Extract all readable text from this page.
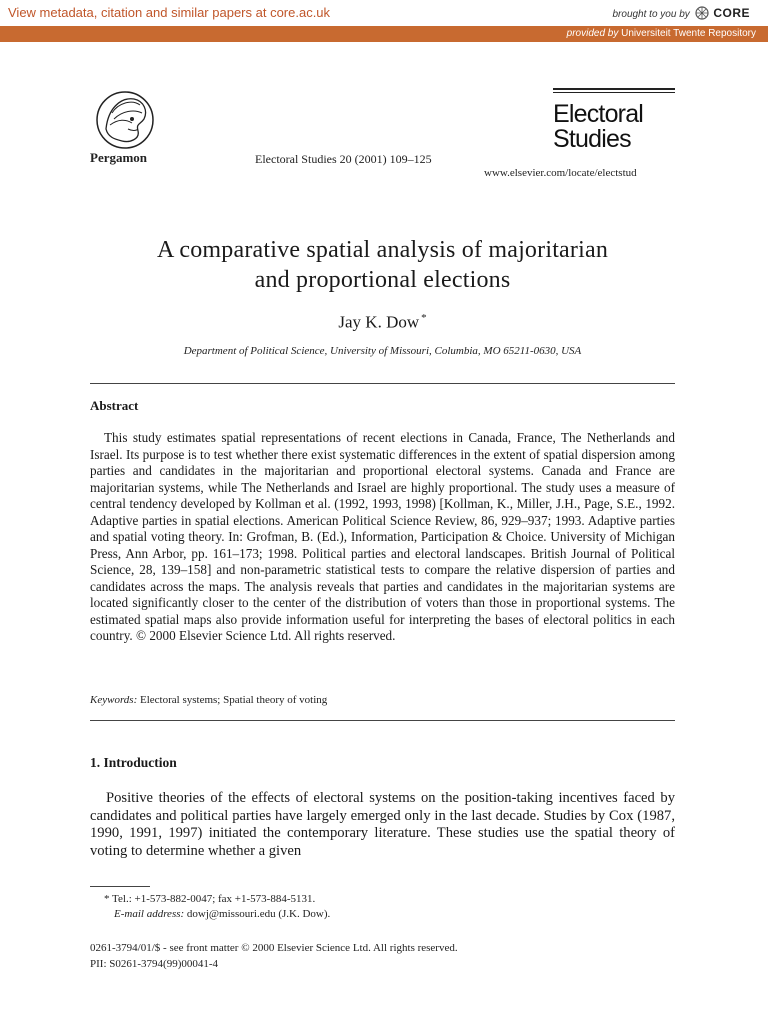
View metadata, citation and similar papers at core.ac.uk	brought to you by CORE
provided by Universiteit Twente Repository
Pergamon	Electoral Studies 20 (2001) 109–125
Electoral
Studies
www.elsevier.com/locate/electstud
A comparative spatial analysis of majoritarian
and proportional elections
Jay K. Dow *
Department of Political Science, University of Missouri, Columbia, MO 65211-0630, USA
Abstract

This study estimates spatial representations of recent elections in Canada, France, The Netherlands and Israel. Its purpose is to test whether there exist systematic differences in the extent of spatial dispersion among parties and candidates in the majoritarian and proportional electoral systems. Canada and France are majoritarian systems, while The Netherlands and Israel are highly proportional. The study uses a measure of central tendency developed by Kollman et al. (1992, 1993, 1998) [Kollman, K., Miller, J.H., Page, S.E., 1992. Adaptive parties in spatial elections. American Political Science Review, 86, 929–937; 1993. Adaptive parties and spatial voting theory. In: Grofman, B. (Ed.), Information, Participation & Choice. University of Michigan Press, Ann Arbor, pp. 161–173; 1998. Political parties and electoral landscapes. British Journal of Political Science, 28, 139–158] and non-parametric statistical tests to compare the relative dispersion of parties and candidates across the maps. The analysis reveals that parties and candidates in the majoritarian systems are located significantly closer to the center of the distribution of voters than those in proportional systems. The estimated spatial maps also provide information useful for interpreting the bases of electoral politics in each country. © 2000 Elsevier Science Ltd. All rights reserved.

Keywords: Electoral systems; Spatial theory of voting
1. Introduction

Positive theories of the effects of electoral systems on the position-taking incentives faced by candidates and political parties have largely emerged only in the last decade. Studies by Cox (1987, 1990, 1991, 1997) initiated the contemporary literature. These studies use the spatial theory of voting to determine whether a given

* Tel.: +1-573-882-0047; fax +1-573-884-5131.
E-mail address: dowj@missouri.edu (J.K. Dow).
0261-3794/01/$ - see front matter © 2000 Elsevier Science Ltd. All rights reserved.
PII: S0261-3794(99)00041-4
